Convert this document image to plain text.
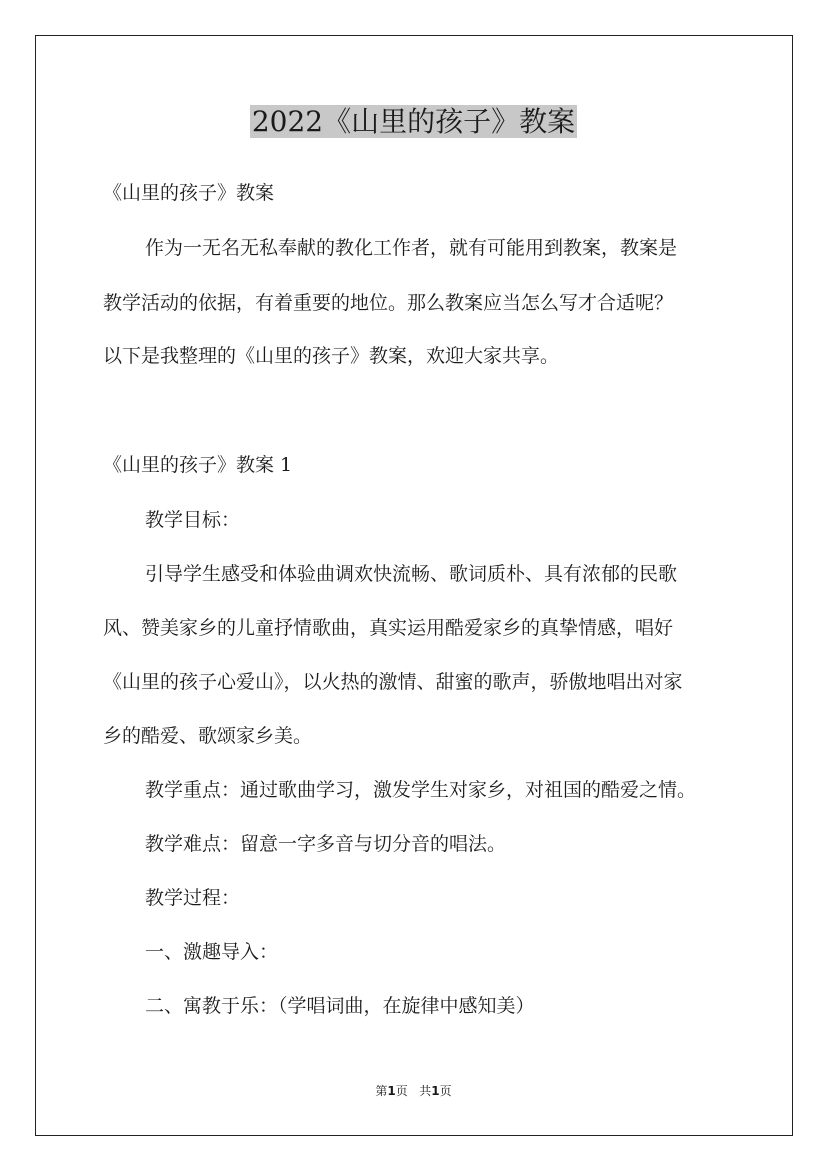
2022《山里的孩子》教案

《山里的孩子》教案

作为一无名无私奉献的教化工作者，就有可能用到教案，教案是

教学活动的依据，有着重要的地位。那么教案应当怎么写才合适呢？

以下是我整理的《山里的孩子》教案，欢迎大家共享。

《山里的孩子》教案 1

教学目标：

引导学生感受和体验曲调欢快流畅、歌词质朴、具有浓郁的民歌

风、赞美家乡的儿童抒情歌曲，真实运用酷爱家乡的真挚情感，唱好

《山里的孩子心爱山》，以火热的激情、甜蜜的歌声，骄傲地唱出对家

乡的酷爱、歌颂家乡美。

教学重点：通过歌曲学习，激发学生对家乡，对祖国的酷爱之情。

教学难点：留意一字多音与切分音的唱法。

教学过程：

一、激趣导入：

二、寓教于乐：（学唱词曲，在旋律中感知美）

第1页   共1页
